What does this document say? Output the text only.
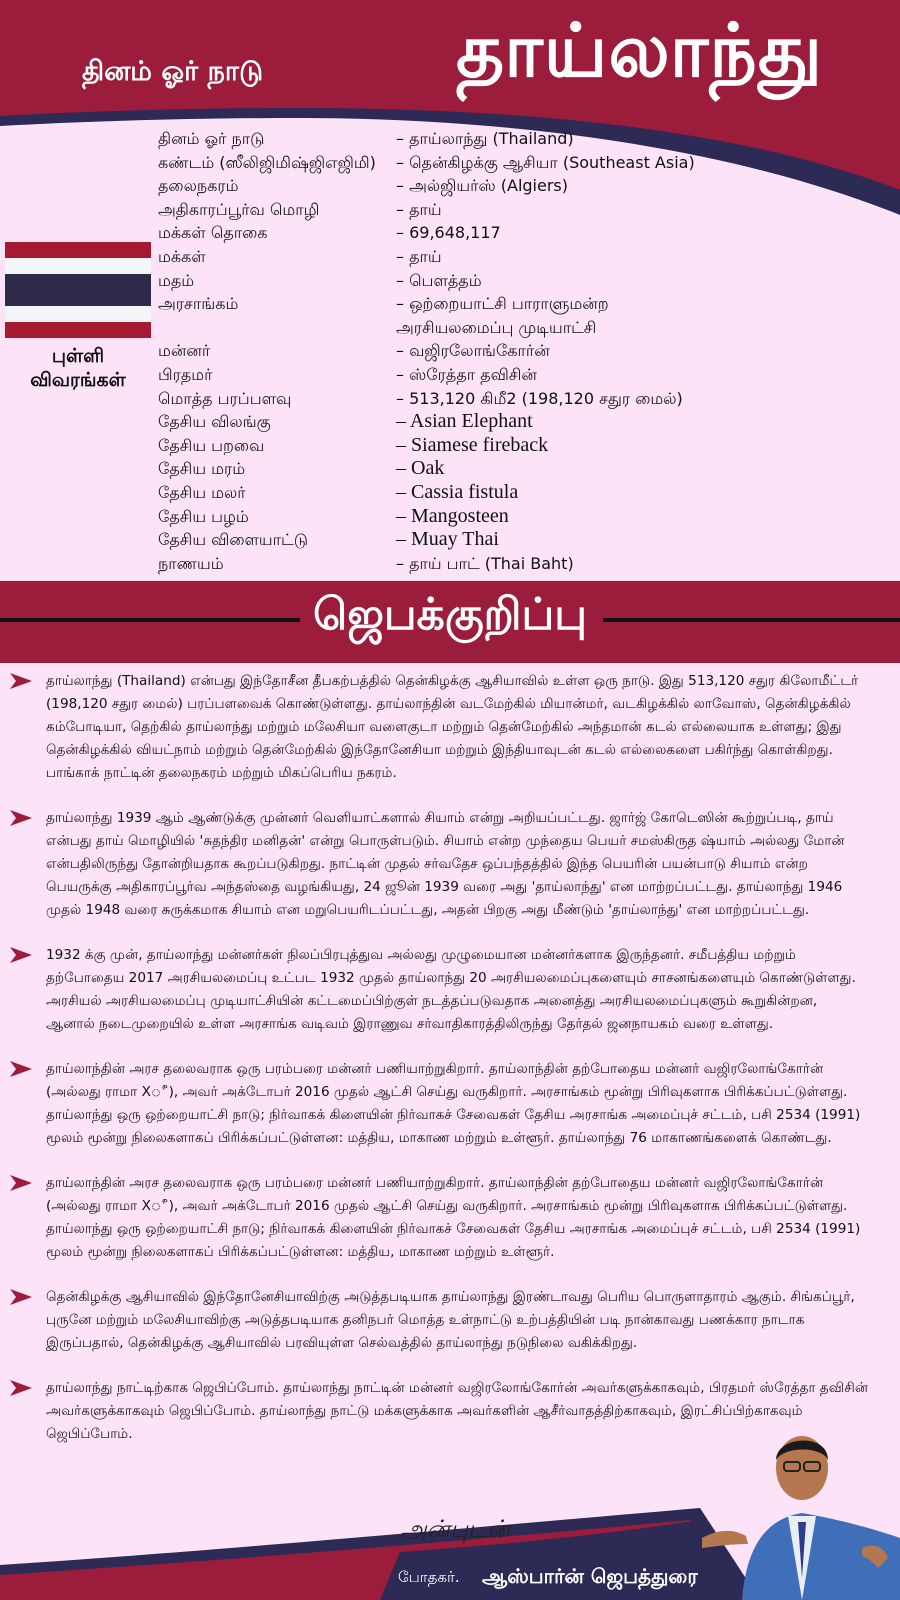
தினம் ஓர் நாடு	தாய்லாந்து
புள்ளி
விவரங்கள்
தினம் ஓர் நாடு	– தாய்லாந்து (Thailand)
கண்டம் (ஸீலிஜிமிஷ்ஜிஎஜிமி)	– தென்கிழக்கு ஆசியா (Southeast Asia)
தலைநகரம்	– அல்ஜியர்ஸ் (Algiers)
அதிகாரப்பூர்வ மொழி	– தாய்
மக்கள் தொகை	– 69,648,117
மக்கள்	– தாய்
மதம்	– பௌத்தம்
அரசாங்கம்	– ஒற்றையாட்சி பாராளுமன்ற
அரசியலமைப்பு முடியாட்சி
மன்னர்	– வஜிரலோங்கோர்ன்
பிரதமர்	– ஸ்ரேத்தா தவிசின்
மொத்த பரப்பளவு	– 513,120 கிமீ2 (198,120 சதுர மைல்)
தேசிய விலங்கு	– Asian Elephant
தேசிய பறவை	– Siamese fireback
தேசிய மரம்	– Oak
தேசிய மலர்	– Cassia fistula
தேசிய பழம்	– Mangosteen
தேசிய விளையாட்டு	– Muay Thai
நாணயம்	– தாய் பாட் (Thai Baht)
ஜெபக்குறிப்பு
தாய்லாந்து (Thailand) என்பது இந்தோசீன தீபகற்பத்தில் தென்கிழக்கு ஆசியாவில் உள்ள ஒரு நாடு. இது 513,120 சதுர கிலோமீட்டர் (198,120 சதுர மைல்) பரப்பளவைக் கொண்டுள்ளது. தாய்லாந்தின் வடமேற்கில் மியான்மர், வடகிழக்கில் லாவோஸ், தென்கிழக்கில் கம்போடியா, தெற்கில் தாய்லாந்து மற்றும் மலேசியா வளைகுடா மற்றும் தென்மேற்கில் அந்தமான் கடல் எல்லையாக உள்ளது; இது தென்கிழக்கில் வியட்நாம் மற்றும் தென்மேற்கில் இந்தோனேசியா மற்றும் இந்தியாவுடன் கடல் எல்லைகளை பகிர்ந்து கொள்கிறது. பாங்காக் நாட்டின் தலைநகரம் மற்றும் மிகப்பெரிய நகரம்.
தாய்லாந்து 1939 ஆம் ஆண்டுக்கு முன்னர் வெளியாட்களால் சியாம் என்று அறியப்பட்டது. ஜார்ஜ் கோடெஸின் கூற்றுப்படி, தாய் என்பது தாய் மொழியில் 'சுதந்திர மனிதன்' என்று பொருள்படும். சியாம் என்ற முந்தைய பெயர் சமஸ்கிருத ஷ்யாம் அல்லது மோன் என்பதிலிருந்து தோன்றியதாக கூறப்படுகிறது. நாட்டின் முதல் சர்வதேச ஒப்பந்தத்தில் இந்த பெயரின் பயன்பாடு சியாம் என்ற பெயருக்கு அதிகாரப்பூர்வ அந்தஸ்தை வழங்கியது, 24 ஜூன் 1939 வரை அது 'தாய்லாந்து' என மாற்றப்பட்டது. தாய்லாந்து 1946 முதல் 1948 வரை சுருக்கமாக சியாம் என மறுபெயரிடப்பட்டது, அதன் பிறகு அது மீண்டும் 'தாய்லாந்து' என மாற்றப்பட்டது.
1932 க்கு முன், தாய்லாந்து மன்னர்கள் நிலப்பிரபுத்துவ அல்லது முழுமையான மன்னர்களாக இருந்தனர். சமீபத்திய மற்றும் தற்போதைய 2017 அரசியலமைப்பு உட்பட 1932 முதல் தாய்லாந்து 20 அரசியலமைப்புகளையும் சாசனங்களையும் கொண்டுள்ளது. அரசியல் அரசியலமைப்பு முடியாட்சியின் கட்டமைப்பிற்குள் நடத்தப்படுவதாக அனைத்து அரசியலமைப்புகளும் கூறுகின்றன, ஆனால் நடைமுறையில் உள்ள அரசாங்க வடிவம் இராணுவ சர்வாதிகாரத்திலிருந்து தேர்தல் ஜனநாயகம் வரை உள்ளது.
தாய்லாந்தின் அரச தலைவராக ஒரு பரம்பரை மன்னர் பணியாற்றுகிறார். தாய்லாந்தின் தற்போதைய மன்னர் வஜிரலோங்கோர்ன் (அல்லது ராமா Xீ), அவர் அக்டோபர் 2016 முதல் ஆட்சி செய்து வருகிறார். அரசாங்கம் மூன்று பிரிவுகளாக பிரிக்கப்பட்டுள்ளது. தாய்லாந்து ஒரு ஒற்றையாட்சி நாடு; நிர்வாகக் கிளையின் நிர்வாகச் சேவைகள் தேசிய அரசாங்க அமைப்புச் சட்டம், பசி 2534 (1991) மூலம் மூன்று நிலைகளாகப் பிரிக்கப்பட்டுள்ளன: மத்திய, மாகாண மற்றும் உள்ளூர். தாய்லாந்து 76 மாகாணங்களைக் கொண்டது.
தாய்லாந்தின் அரச தலைவராக ஒரு பரம்பரை மன்னர் பணியாற்றுகிறார். தாய்லாந்தின் தற்போதைய மன்னர் வஜிரலோங்கோர்ன் (அல்லது ராமா Xீ), அவர் அக்டோபர் 2016 முதல் ஆட்சி செய்து வருகிறார். அரசாங்கம் மூன்று பிரிவுகளாக பிரிக்கப்பட்டுள்ளது. தாய்லாந்து ஒரு ஒற்றையாட்சி நாடு; நிர்வாகக் கிளையின் நிர்வாகச் சேவைகள் தேசிய அரசாங்க அமைப்புச் சட்டம், பசி 2534 (1991) மூலம் மூன்று நிலைகளாகப் பிரிக்கப்பட்டுள்ளன: மத்திய, மாகாண மற்றும் உள்ளூர்.
தென்கிழக்கு ஆசியாவில் இந்தோனேசியாவிற்கு அடுத்தபடியாக தாய்லாந்து இரண்டாவது பெரிய பொருளாதாரம் ஆகும். சிங்கப்பூர், புருனே மற்றும் மலேசியாவிற்கு அடுத்தபடியாக தனிநபர் மொத்த உள்நாட்டு உற்பத்தியின் படி நான்காவது பணக்கார நாடாக இருப்பதால், தென்கிழக்கு ஆசியாவில் பரவியுள்ள செல்வத்தில் தாய்லாந்து நடுநிலை வகிக்கிறது.
தாய்லாந்து நாட்டிற்காக ஜெபிப்போம். தாய்லாந்து நாட்டின் மன்னர் வஜிரலோங்கோர்ன் அவர்களுக்காகவும், பிரதமர் ஸ்ரேத்தா தவிசின் அவர்களுக்காகவும் ஜெபிப்போம். தாய்லாந்து நாட்டு மக்களுக்காக அவர்களின் ஆசீர்வாதத்திற்காகவும், இரட்சிப்பிற்காகவும் ஜெபிப்போம்.
அன்புடன்
போதகர். ஆஸ்பார்ன் ஜெபத்துரை
